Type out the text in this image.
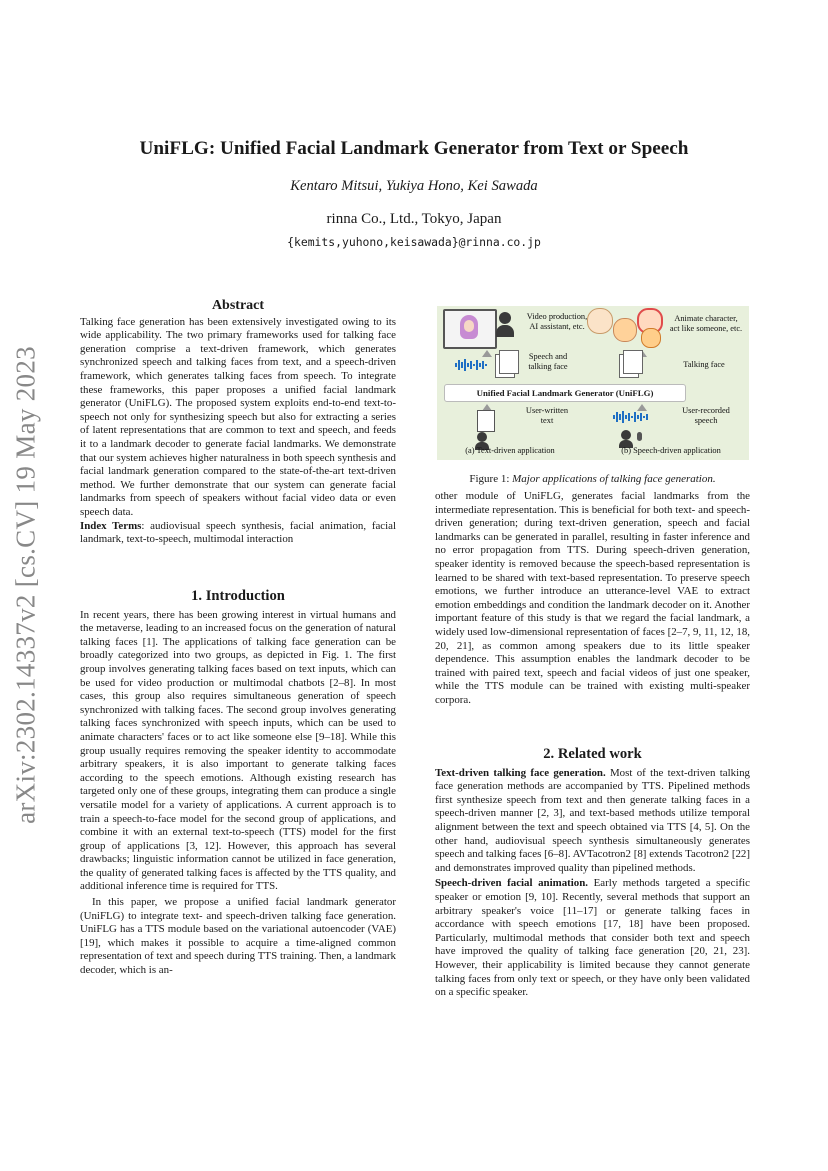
arXiv:2302.14337v2 [cs.CV] 19 May 2023
UniFLG: Unified Facial Landmark Generator from Text or Speech
Kentaro Mitsui, Yukiya Hono, Kei Sawada
rinna Co., Ltd., Tokyo, Japan
{kemits,yuhono,keisawada}@rinna.co.jp
Abstract

Talking face generation has been extensively investigated owing to its wide applicability. The two primary frameworks used for talking face generation comprise a text-driven framework, which generates synchronized speech and talking faces from text, and a speech-driven framework, which generates talking faces from speech. To integrate these frameworks, this paper proposes a unified facial landmark generator (UniFLG). The proposed system exploits end-to-end text-to-speech not only for synthesizing speech but also for extracting a series of latent representations that are common to text and speech, and feeds it to a landmark decoder to generate facial landmarks. We demonstrate that our system achieves higher naturalness in both speech synthesis and facial landmark generation compared to the state-of-the-art text-driven method. We further demonstrate that our system can generate facial landmarks from speech of speakers without facial video data or even speech data.

Index Terms: audiovisual speech synthesis, facial animation, facial landmark, text-to-speech, multimodal interaction

1. Introduction

In recent years, there has been growing interest in virtual humans and the metaverse, leading to an increased focus on the generation of natural talking faces [1]. The applications of talking face generation can be broadly categorized into two groups, as depicted in Fig. 1. The first group involves generating talking faces based on text inputs, which can be used for video production or multimodal chatbots [2–8]. In most cases, this group also requires simultaneous generation of speech synchronized with talking faces. The second group involves generating talking faces synchronized with speech inputs, which can be used to animate characters' faces or to act like someone else [9–18]. While this group usually requires removing the speaker identity to accommodate arbitrary speakers, it is also important to generate talking faces according to the speech emotions. Although existing research has targeted only one of these groups, integrating them can produce a single versatile model for a variety of applications. A current approach is to train a speech-to-face model for the second group of applications, and combine it with an external text-to-speech (TTS) model for the first group of applications [3, 12]. However, this approach has several drawbacks; linguistic information cannot be utilized in face generation, the quality of generated talking faces is affected by the TTS quality, and additional inference time is required for TTS.

In this paper, we propose a unified facial landmark generator (UniFLG) to integrate text- and speech-driven talking face generation. UniFLG has a TTS module based on the variational autoencoder (VAE) [19], which makes it possible to acquire a time-aligned common representation of text and speech during TTS training. Then, a landmark decoder, which is an-

Video production,
AI assistant, etc.
Animate character,
act like someone, etc.
Speech and
talking face	Talking face
Unified Facial Landmark Generator (UniFLG)
User-written
text
User-recorded
speech
(a) Text-driven application	(b) Speech-driven application
Figure 1: Major applications of talking face generation.

other module of UniFLG, generates facial landmarks from the intermediate representation. This is beneficial for both text- and speech-driven generation; during text-driven generation, speech and facial landmarks can be generated in parallel, resulting in faster inference and no error propagation from TTS. During speech-driven generation, speaker identity is removed because the speech-based representation is learned to be shared with text-based representation. To preserve speech emotions, we further introduce an utterance-level VAE to extract emotion embeddings and condition the landmark decoder on it. Another important feature of this study is that we regard the facial landmark, a widely used low-dimensional representation of faces [2–7, 9, 11, 12, 18, 20, 21], as common among speakers due to its little speaker dependence. This assumption enables the landmark decoder to be trained with paired text, speech and facial videos of just one speaker, while the TTS module can be trained with existing multi-speaker corpora.

2. Related work

Text-driven talking face generation. Most of the text-driven talking face generation methods are accompanied by TTS. Pipelined methods first synthesize speech from text and then generate talking faces in a speech-driven manner [2, 3], and text-based methods utilize temporal alignment between the text and speech obtained via TTS [4, 5]. On the other hand, audiovisual speech synthesis simultaneously generates speech and talking faces [6–8]. AVTacotron2 [8] extends Tacotron2 [22] and demonstrates improved quality than pipelined methods.

Speech-driven facial animation. Early methods targeted a specific speaker or emotion [9, 10]. Recently, several methods that support an arbitrary speaker's voice [11–17] or generate talking faces in accordance with speech emotions [17, 18] have been proposed. Particularly, multimodal methods that consider both text and speech have improved the quality of talking face generation [20, 21, 23]. However, their applicability is limited because they cannot generate talking faces from only text or speech, or they have only been validated on a specific speaker.
